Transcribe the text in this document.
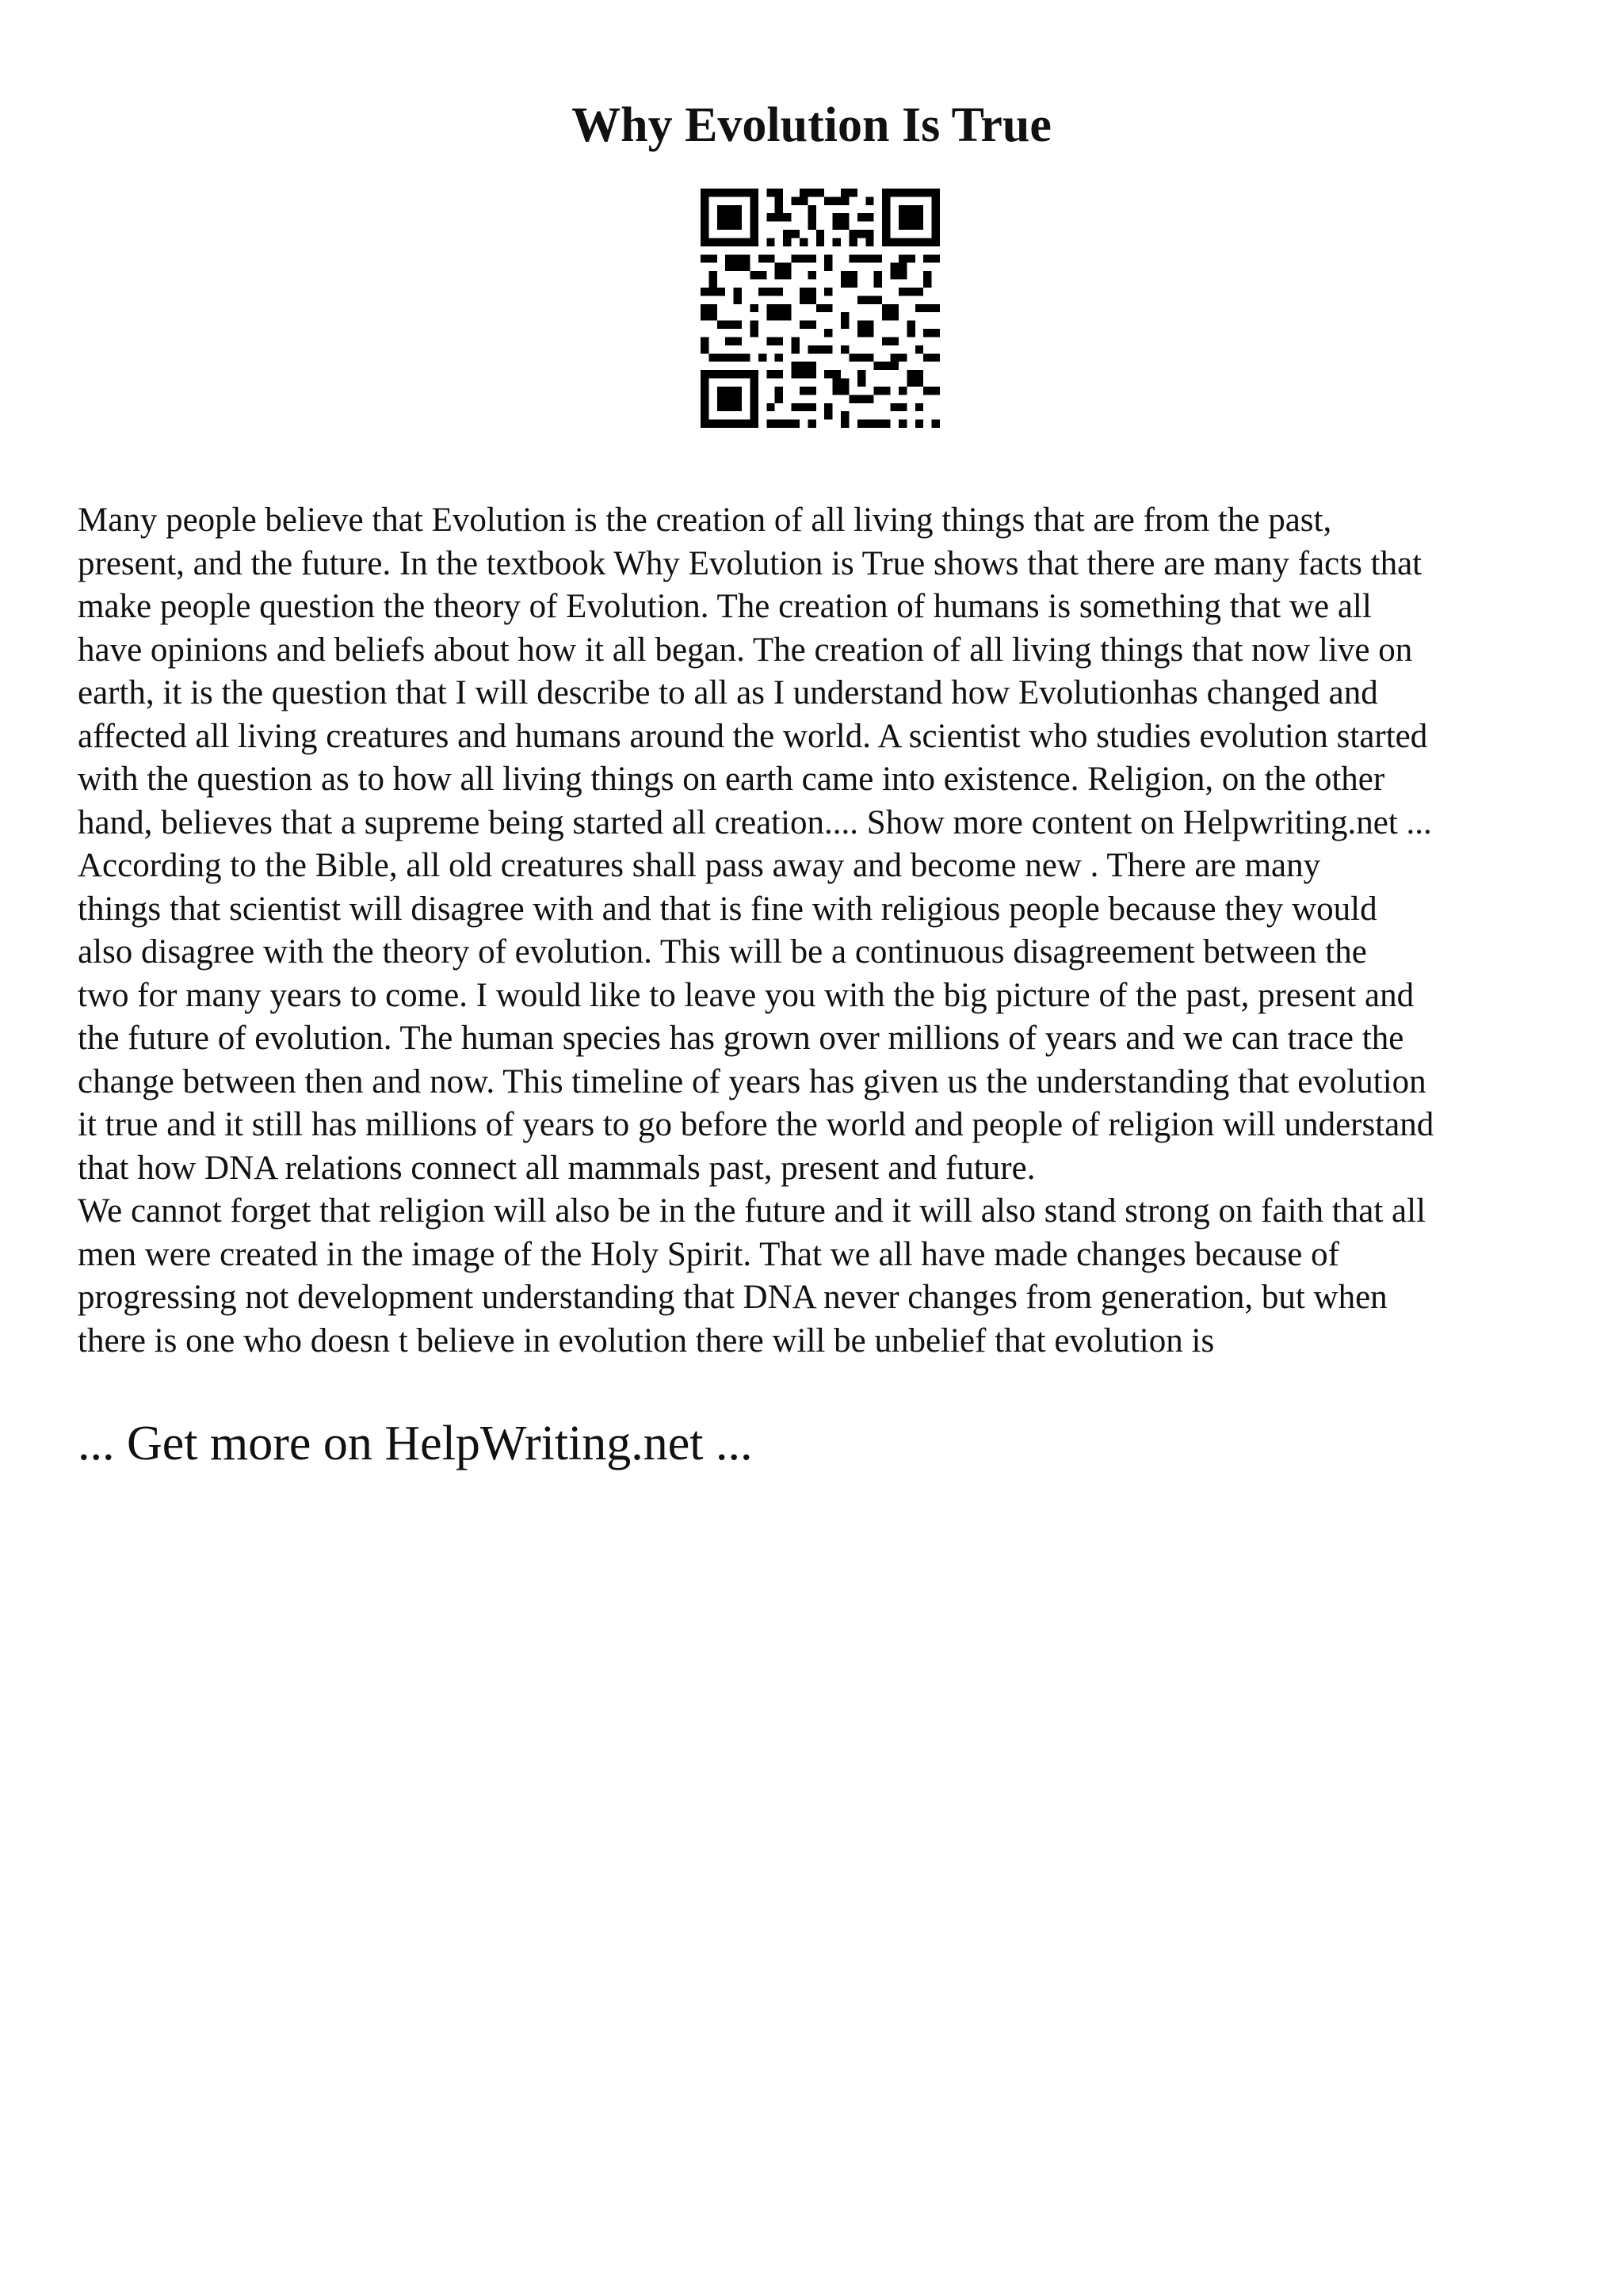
Why Evolution Is True

Many people believe that Evolution is the creation of all living things that are from the past,
present, and the future. In the textbook Why Evolution is True shows that there are many facts that
make people question the theory of Evolution. The creation of humans is something that we all
have opinions and beliefs about how it all began. The creation of all living things that now live on
earth, it is the question that I will describe to all as I understand how Evolutionhas changed and
affected all living creatures and humans around the world. A scientist who studies evolution started
with the question as to how all living things on earth came into existence. Religion, on the other
hand, believes that a supreme being started all creation.... Show more content on Helpwriting.net ...
According to the Bible, all old creatures shall pass away and become new . There are many
things that scientist will disagree with and that is fine with religious people because they would
also disagree with the theory of evolution. This will be a continuous disagreement between the
two for many years to come. I would like to leave you with the big picture of the past, present and
the future of evolution. The human species has grown over millions of years and we can trace the
change between then and now. This timeline of years has given us the understanding that evolution
it true and it still has millions of years to go before the world and people of religion will understand
that how DNA relations connect all mammals past, present and future.

We cannot forget that religion will also be in the future and it will also stand strong on faith that all
men were created in the image of the Holy Spirit. That we all have made changes because of
progressing not development understanding that DNA never changes from generation, but when
there is one who doesn t believe in evolution there will be unbelief that evolution is

... Get more on HelpWriting.net ...
